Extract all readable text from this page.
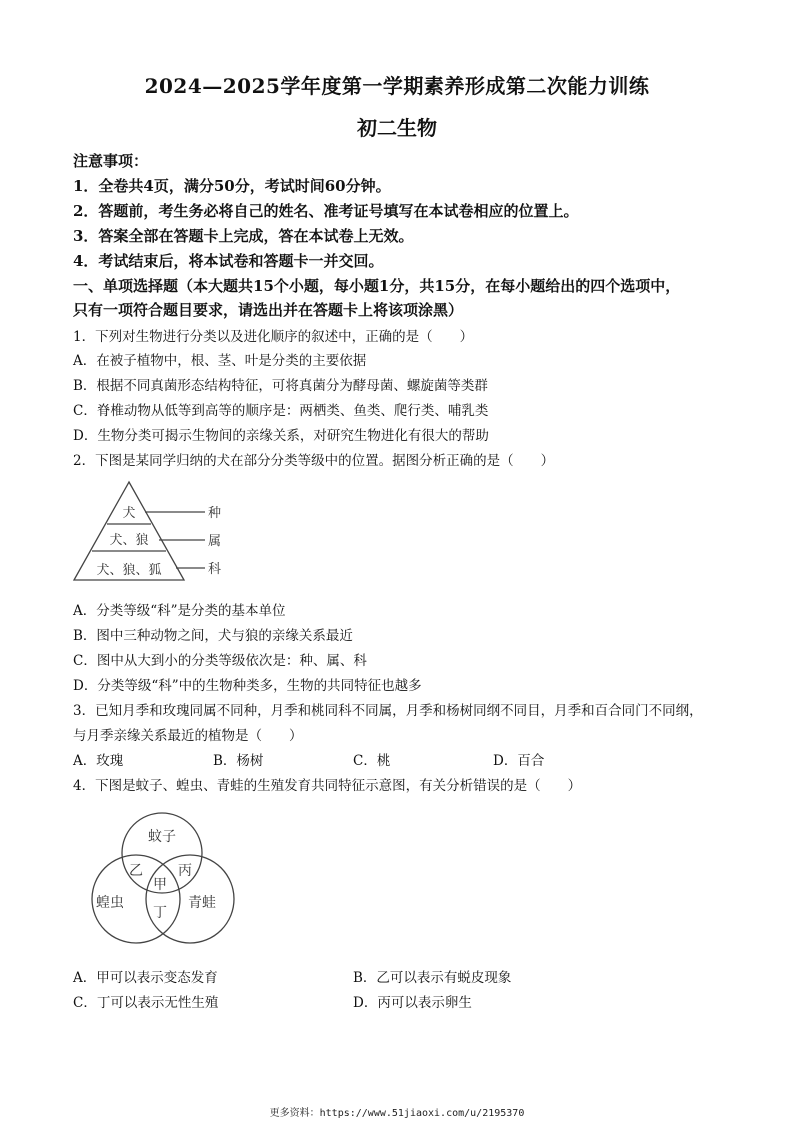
2024—2025学年度第一学期素养形成第二次能力训练
初二生物
注意事项：
1．全卷共4页，满分50分，考试时间60分钟。
2．答题前，考生务必将自己的姓名、准考证号填写在本试卷相应的位置上。
3．答案全部在答题卡上完成，答在本试卷上无效。
4．考试结束后，将本试卷和答题卡一并交回。
一、单项选择题（本大题共15个小题，每小题1分，共15分，在每小题给出的四个选项中，
只有一项符合题目要求，请选出并在答题卡上将该项涂黑）
1．下列对生物进行分类以及进化顺序的叙述中，正确的是（　　）
A．在被子植物中，根、茎、叶是分类的主要依据
B．根据不同真菌形态结构特征，可将真菌分为酵母菌、螺旋菌等类群
C．脊椎动物从低等到高等的顺序是：两栖类、鱼类、爬行类、哺乳类
D．生物分类可揭示生物间的亲缘关系，对研究生物进化有很大的帮助
2．下图是某同学归纳的犬在部分分类等级中的位置。据图分析正确的是（　　）
犬
犬、狼
犬、狼、狐
种
属
科
A．分类等级“科”是分类的基本单位
B．图中三种动物之间，犬与狼的亲缘关系最近
C．图中从大到小的分类等级依次是：种、属、科
D．分类等级“科”中的生物种类多，生物的共同特征也越多
3．已知月季和玫瑰同属不同种，月季和桃同科不同属，月季和杨树同纲不同目，月季和百合同门不同纲，
与月季亲缘关系最近的植物是（　　）
A．玫瑰	B．杨树	C．桃	D．百合
4．下图是蚊子、蝗虫、青蛙的生殖发育共同特征示意图，有关分析错误的是（　　）
蚊子
蝗虫	青蛙
乙	丙
甲
丁
A．甲可以表示变态发育	B．乙可以表示有蜕皮现象
C．丁可以表示无性生殖	D．丙可以表示卵生
更多资料：https://www.51jiaoxi.com/u/2195370
